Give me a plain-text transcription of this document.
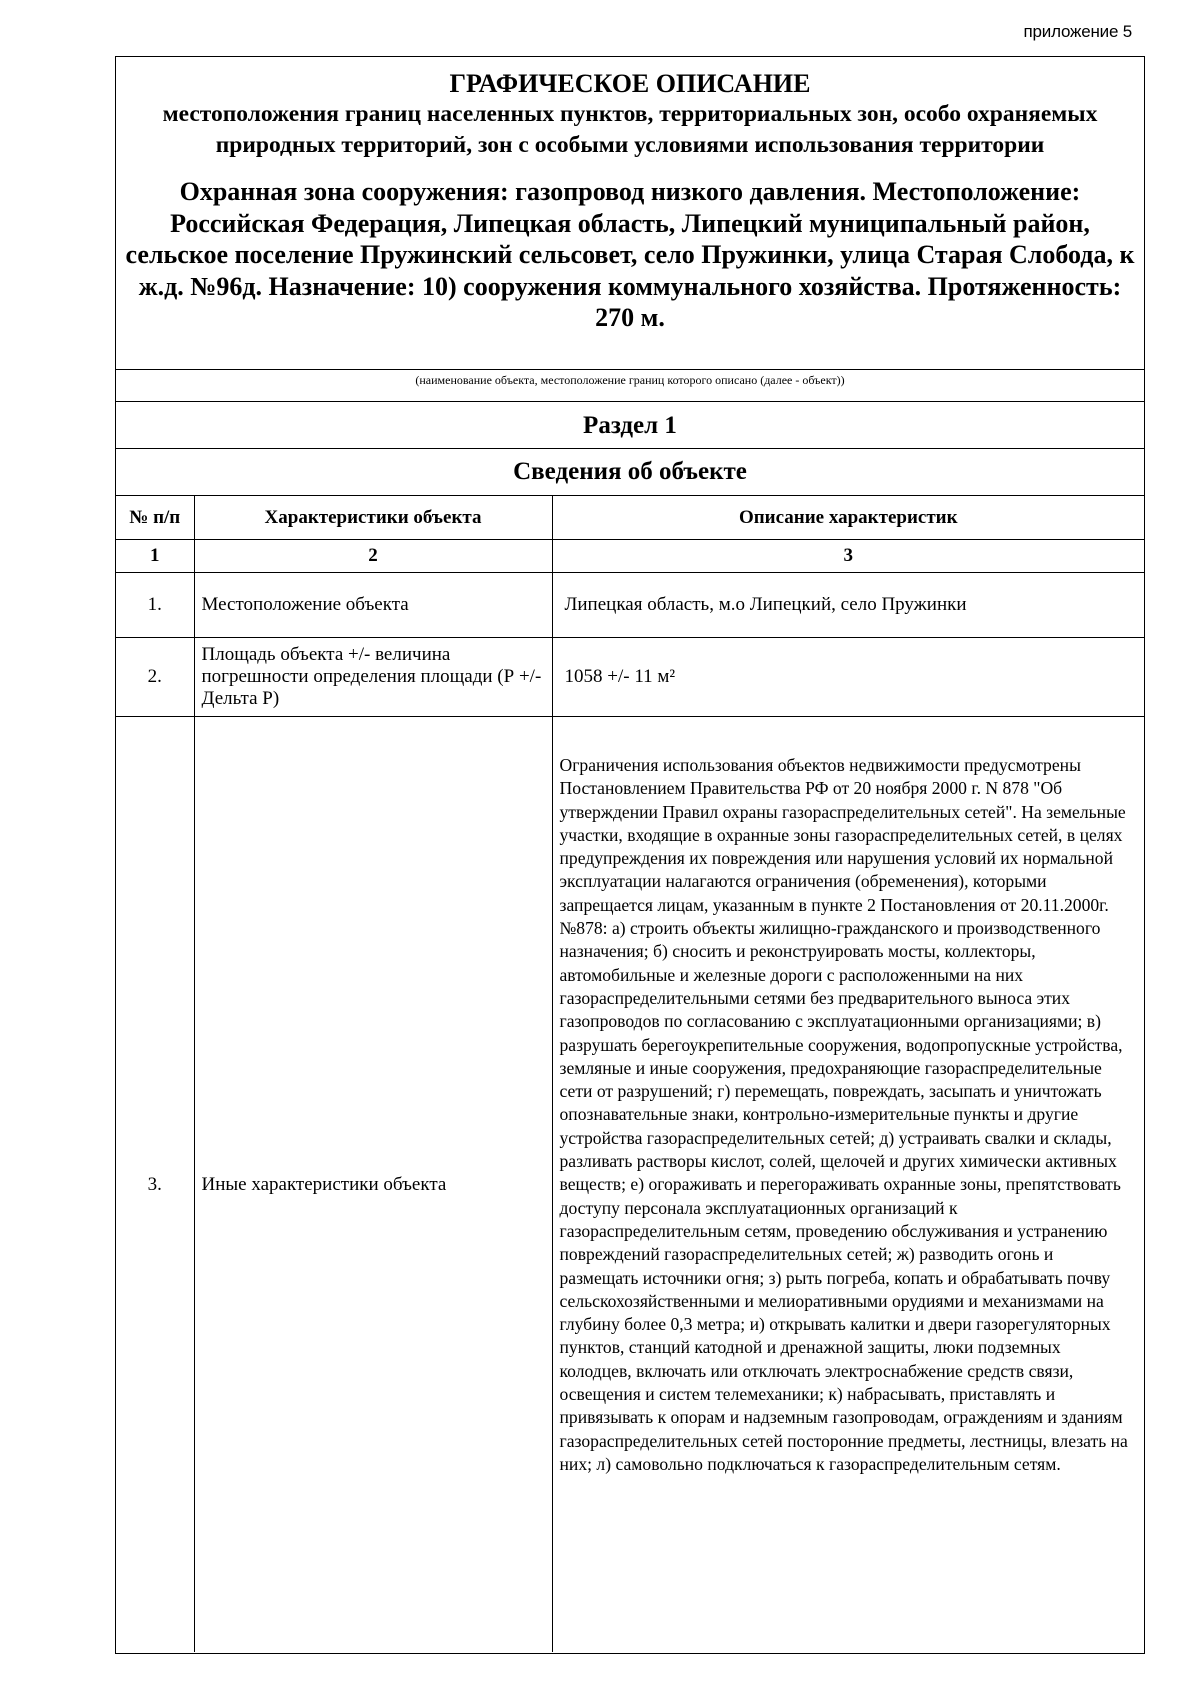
приложение 5
ГРАФИЧЕСКОЕ ОПИСАНИЕ
местоположения границ населенных пунктов, территориальных зон, особо охраняемых природных территорий, зон с особыми условиями использования территории
Охранная зона сооружения: газопровод низкого давления. Местоположение: Российская Федерация, Липецкая область, Липецкий муниципальный район, сельское поселение Пружинский сельсовет, село Пружинки, улица Старая Слобода, к ж.д. №96д. Назначение: 10) сооружения коммунального хозяйства. Протяженность: 270 м.
(наименование объекта, местоположение границ которого описано (далее - объект))
Раздел 1
Сведения об объекте
№ п/п	Характеристики объекта	Описание характеристик
1	2	3
1.	Местоположение объекта	Липецкая область, м.о Липецкий, село Пружинки
2.	Площадь объекта +/- величина погрешности определения площади (Р +/- Дельта Р)	1058 +/- 11 м²
3.	Иные характеристики объекта	Ограничения использования объектов недвижимости предусмотрены Постановлением Правительства РФ от 20 ноября 2000 г. N 878 "Об утверждении Правил охраны газораспределительных сетей". На земельные участки, входящие в охранные зоны газораспределительных сетей, в целях предупреждения их повреждения или нарушения условий их нормальной эксплуатации налагаются ограничения (обременения), которыми запрещается лицам, указанным в пункте 2 Постановления от 20.11.2000г. №878: а) строить объекты жилищно-гражданского и производственного назначения; б) сносить и реконструировать мосты, коллекторы, автомобильные и железные дороги с расположенными на них газораспределительными сетями без предварительного выноса этих газопроводов по согласованию с эксплуатационными организациями; в) разрушать берегоукрепительные сооружения, водопропускные устройства, земляные и иные сооружения, предохраняющие газораспределительные сети от разрушений; г) перемещать, повреждать, засыпать и уничтожать опознавательные знаки, контрольно-измерительные пункты и другие устройства газораспределительных сетей; д) устраивать свалки и склады, разливать растворы кислот, солей, щелочей и других химически активных веществ; е) огораживать и перегораживать охранные зоны, препятствовать доступу персонала эксплуатационных организаций к газораспределительным сетям, проведению обслуживания и устранению повреждений газораспределительных сетей; ж) разводить огонь и размещать источники огня; з) рыть погреба, копать и обрабатывать почву сельскохозяйственными и мелиоративными орудиями и механизмами на глубину более 0,3 метра; и) открывать калитки и двери газорегуляторных пунктов, станций катодной и дренажной защиты, люки подземных колодцев, включать или отключать электроснабжение средств связи, освещения и систем телемеханики; к) набрасывать, приставлять и привязывать к опорам и надземным газопроводам, ограждениям и зданиям газораспределительных сетей посторонние предметы, лестницы, влезать на них; л) самовольно подключаться к газораспределительным сетям.
